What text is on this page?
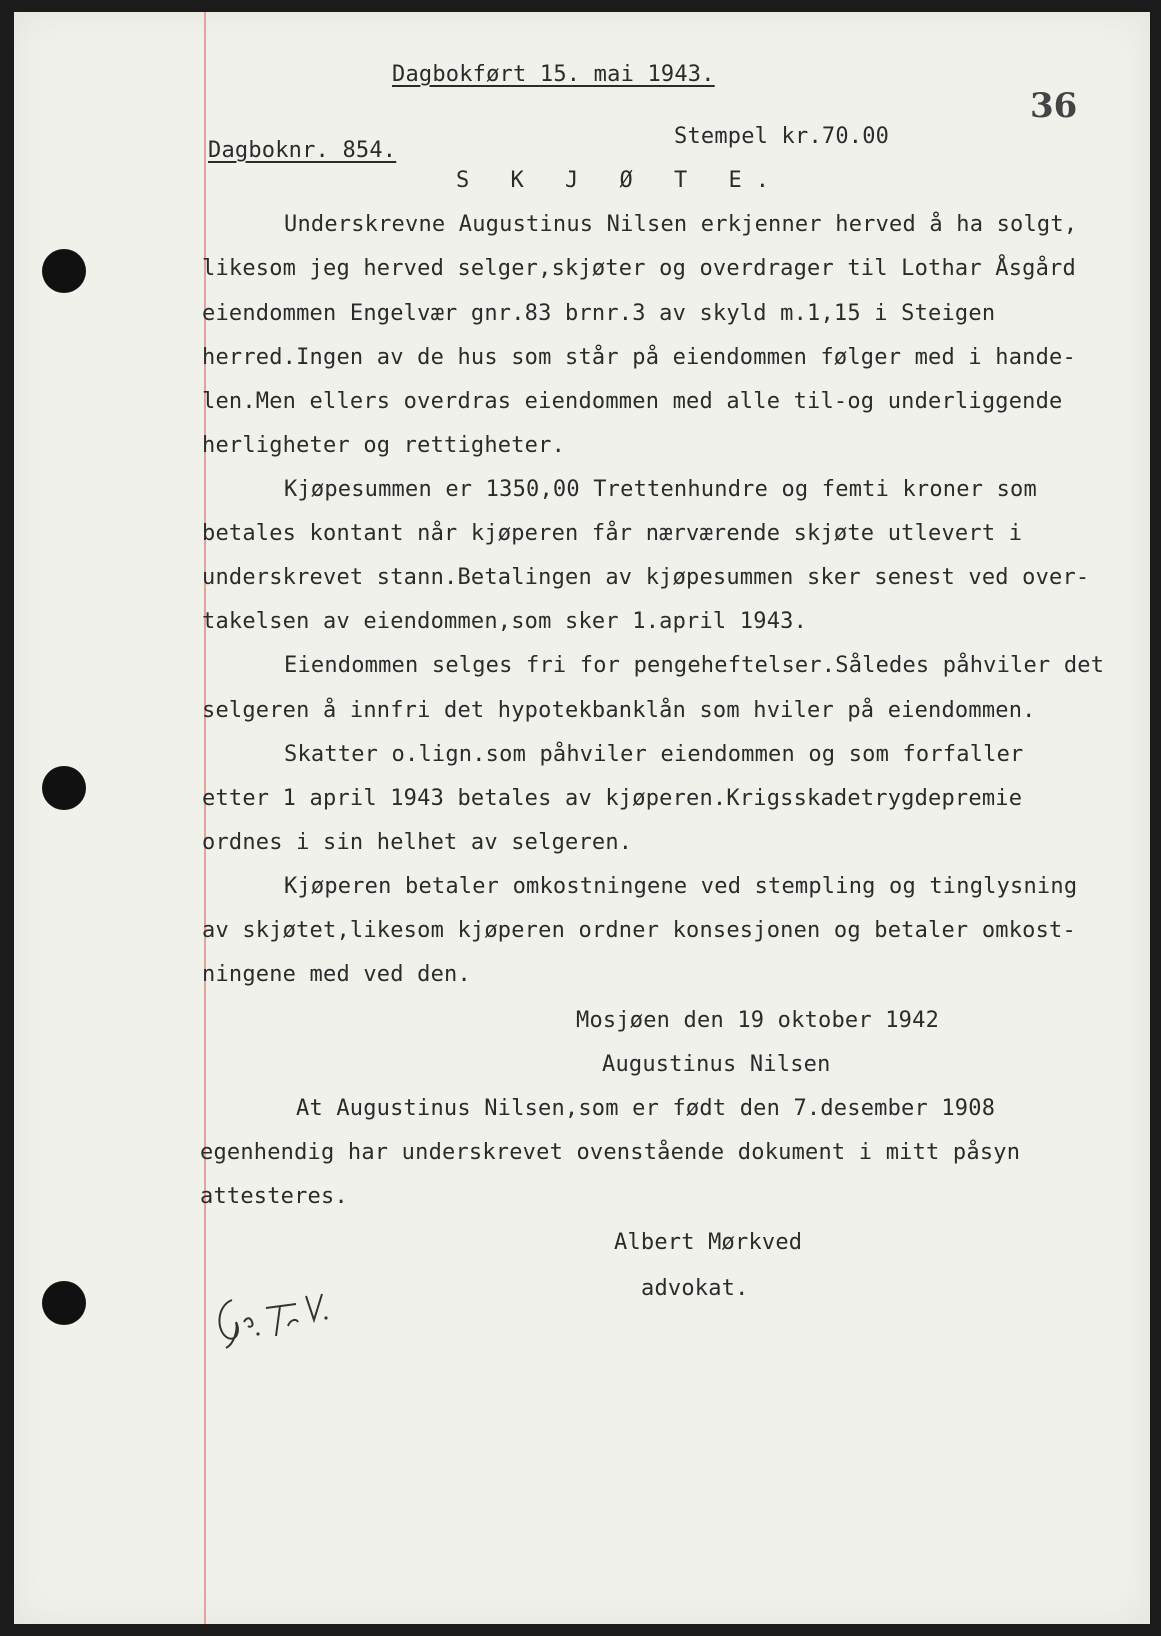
Dagbokført 15. mai 1943.

36

Dagboknr. 854.

Stempel kr.70.00

S K J Ø T E.

Underskrevne Augustinus Nilsen erkjenner herved å ha solgt,

likesom jeg herved selger,skjøter og overdrager til Lothar Åsgård

eiendommen Engelvær gnr.83 brnr.3 av skyld m.1,15 i Steigen

herred.Ingen av de hus som står på eiendommen følger med i hande-

len.Men ellers overdras eiendommen med alle til-og underliggende

herligheter og rettigheter.

Kjøpesummen er 1350,00 Trettenhundre og femti kroner som

betales kontant når kjøperen får nærværende skjøte utlevert i

underskrevet stann.Betalingen av kjøpesummen sker senest ved over-

takelsen av eiendommen,som sker 1.april 1943.

Eiendommen selges fri for pengeheftelser.Således påhviler det

selgeren å innfri det hypotekbanklån som hviler på eiendommen.

Skatter o.lign.som påhviler eiendommen og som forfaller

etter 1 april 1943 betales av kjøperen.Krigsskadetrygdepremie

ordnes i sin helhet av selgeren.

Kjøperen betaler omkostningene ved stempling og tinglysning

av skjøtet,likesom kjøperen ordner konsesjonen og betaler omkost-

ningene med ved den.

Mosjøen den 19 oktober 1942

Augustinus Nilsen

At Augustinus Nilsen,som er født den 7.desember 1908

egenhendig har underskrevet ovenstående dokument i mitt påsyn

attesteres.

Albert Mørkved

advokat.
